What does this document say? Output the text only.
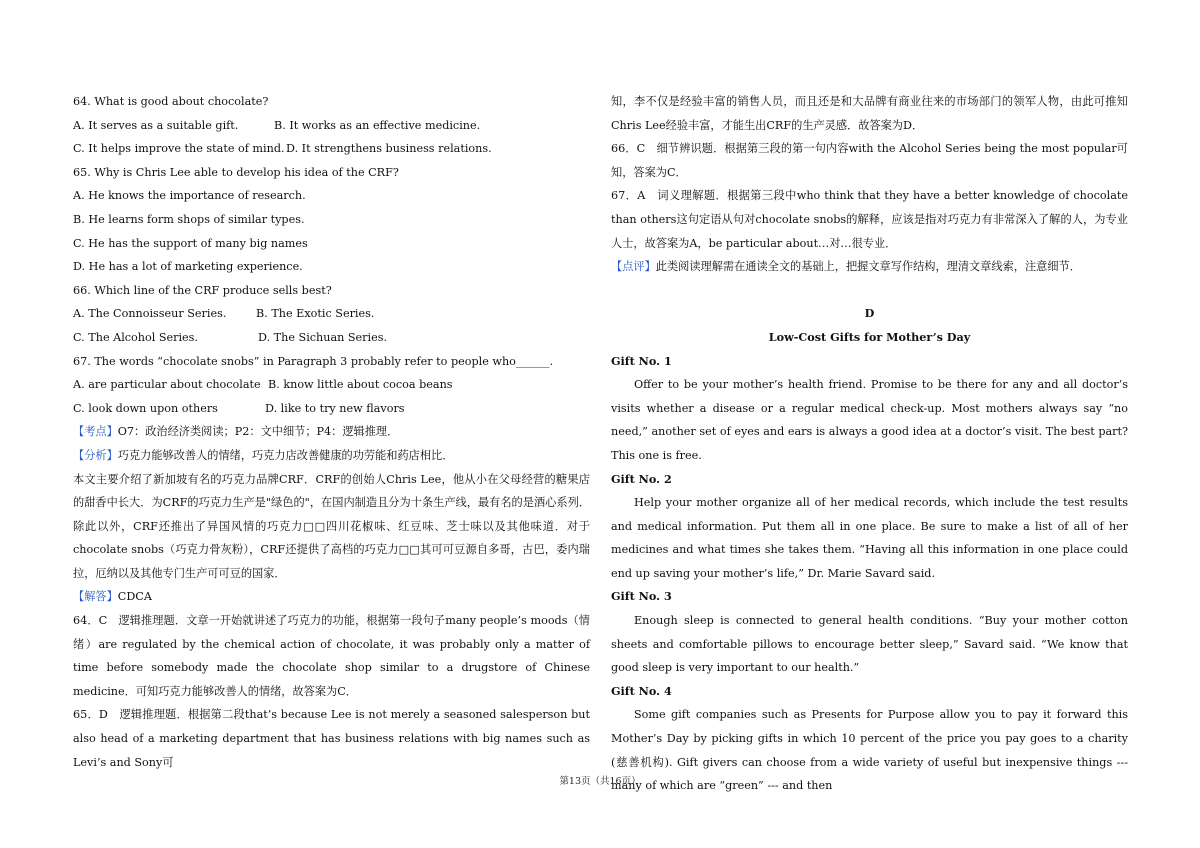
64. What is good about chocolate?
A. It serves as a suitable gift.	B. It works as an effective medicine.
C. It helps improve the state of mind.D. It strengthens business relations.
65. Why is Chris Lee able to develop his idea of the CRF?
A. He knows the importance of research.
B. He learns form shops of similar types.
C. He has the support of many big names
D. He has a lot of marketing experience.
66. Which line of the CRF produce sells best?
A. The Connoisseur Series.	B. The Exotic Series.
C. The Alcohol Series.	D. The Sichuan Series.
67. The words “chocolate snobs” in Paragraph 3 probably refer to people who______.
A. are particular about chocolate B. know little about cocoa beans
C. look down upon others	D. like to try new flavors
【考点】O7：政治经济类阅读；P2：文中细节；P4：逻辑推理．
【分析】巧克力能够改善人的情绪，巧克力店改善健康的功劳能和药店相比．
本文主要介绍了新加坡有名的巧克力品牌CRF．CRF的创始人Chris Lee，他从小在父母经营的糖果店的甜香中长大．为CRF的巧克力生产是"绿色的"，在国内制造且分为十条生产线，最有名的是酒心系列．除此以外，CRF还推出了异国风情的巧克力□□四川花椒味、红豆味、芝士味以及其他味道．对于chocolate snobs（巧克力骨灰粉），CRF还提供了高档的巧克力□□其可可豆源自多哥，古巴，委内瑞拉，厄纳以及其他专门生产可可豆的国家．
【解答】CDCA
64．C　逻辑推理题．文章一开始就讲述了巧克力的功能，根据第一段句子many people’s moods（情绪）are regulated by the chemical action of chocolate, it was probably only a matter of time before somebody made the chocolate shop similar to a drugstore of Chinese medicine．可知巧克力能够改善人的情绪，故答案为C．
65．D　逻辑推理题．根据第二段that’s because Lee is not merely a seasoned salesperson but also head of a marketing department that has business relations with big names such as Levi’s and Sony可
知，李不仅是经验丰富的销售人员，而且还是和大品牌有商业往来的市场部门的领军人物，由此可推知Chris Lee经验丰富，才能生出CRF的生产灵感．故答案为D．
66．C　细节辨识题．根据第三段的第一句内容with the Alcohol Series being the most popular可知，答案为C．
67．A　词义理解题．根据第三段中who think that they have a better knowledge of chocolate than others这句定语从句对chocolate snobs的解释，应该是指对巧克力有非常深入了解的人，为专业人士，故答案为A，be particular about…对…很专业．
【点评】此类阅读理解需在通读全文的基础上，把握文章写作结构，理清文章线索，注意细节．
D
Low-Cost Gifts for Mother’s Day
Gift No. 1
Offer to be your mother’s health friend. Promise to be there for any and all doctor’s visits whether a disease or a regular medical check-up. Most mothers always say “no need,” another set of eyes and ears is always a good idea at a doctor’s visit. The best part? This one is free.
Gift No. 2
Help your mother organize all of her medical records, which include the test results and medical information. Put them all in one place. Be sure to make a list of all of her medicines and what times she takes them. “Having all this information in one place could end up saving your mother’s life,” Dr. Marie Savard said.
Gift No. 3
Enough sleep is connected to general health conditions. “Buy your mother cotton sheets and comfortable pillows to encourage better sleep,” Savard said. “We know that good sleep is very important to our health.”
Gift No. 4
Some gift companies such as Presents for Purpose allow you to pay it forward this Mother’s Day by picking gifts in which 10 percent of the price you pay goes to a charity (慈善机构). Gift givers can choose from a wide variety of useful but inexpensive things --- many of which are “green” --- and then
第13页（共16页）
